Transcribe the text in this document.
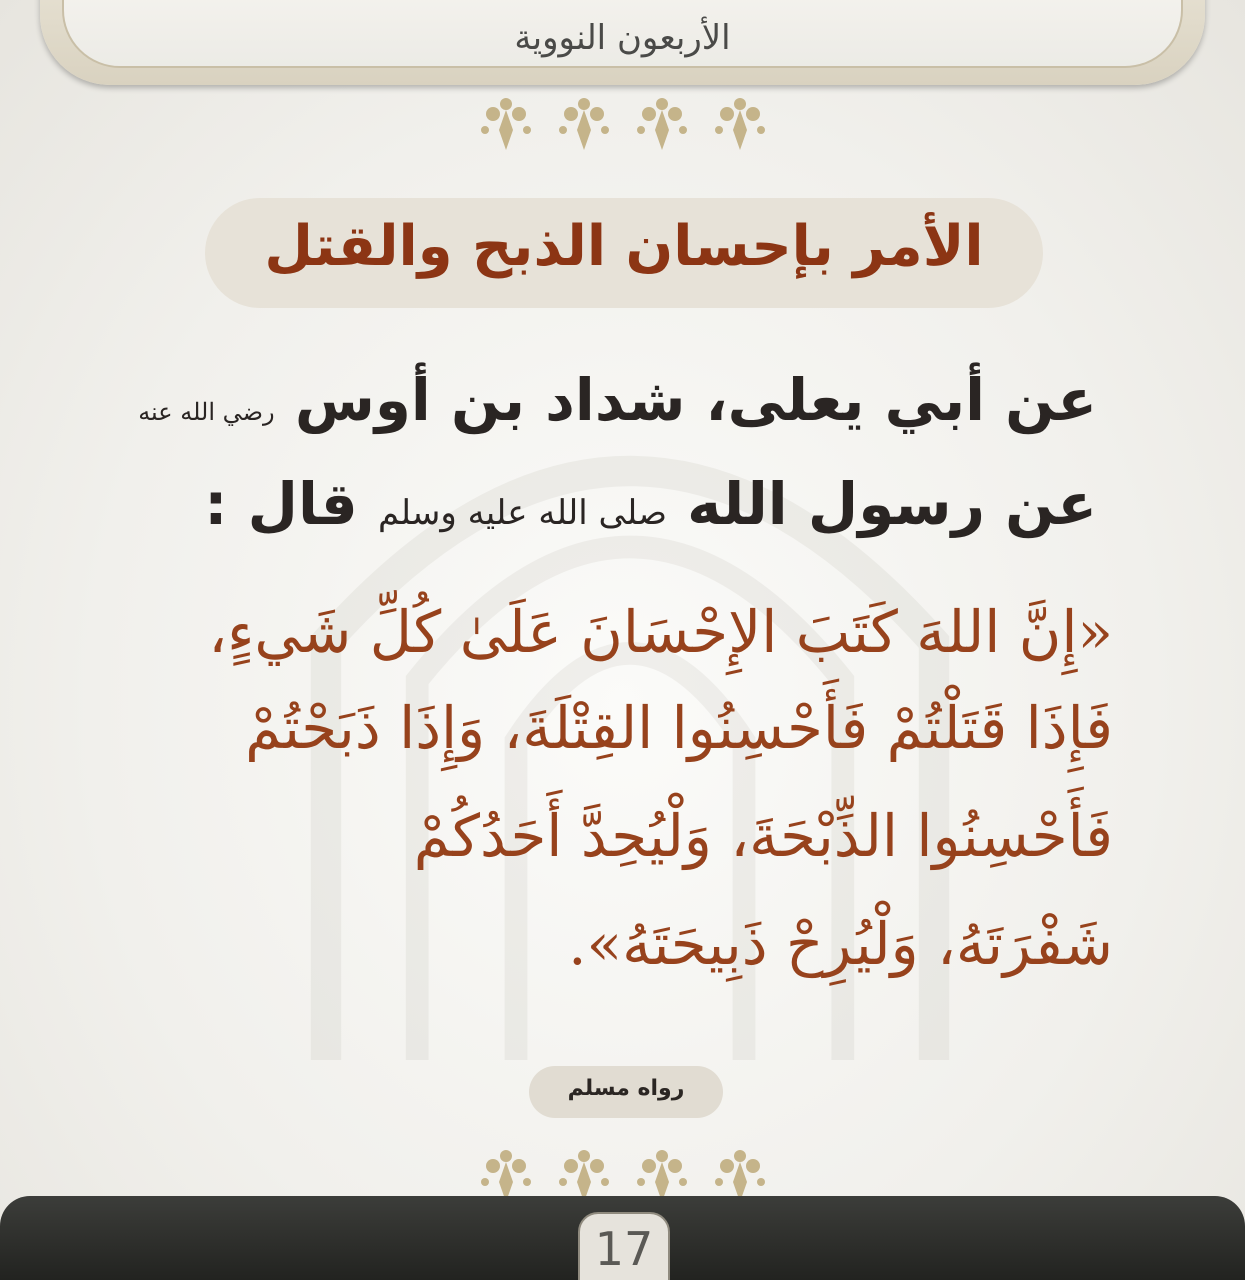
الأربعون النووية
الأمر بإحسان الذبح والقتل
عن أبي يعلى، شداد بن أوس رضي الله عنه
عن رسول الله صلى الله عليه وسلم قال :
«إِنَّ اللهَ كَتَبَ الإِحْسَانَ عَلَىٰ كُلِّ شَيءٍ،
فَإِذَا قَتَلْتُمْ فَأَحْسِنُوا القِتْلَةَ، وَإِذَا ذَبَحْتُمْ
فَأَحْسِنُوا الذِّبْحَةَ، وَلْيُحِدَّ أَحَدُكُمْ
شَفْرَتَهُ، وَلْيُرِحْ ذَبِيحَتَهُ».
رواه مسلم
17
